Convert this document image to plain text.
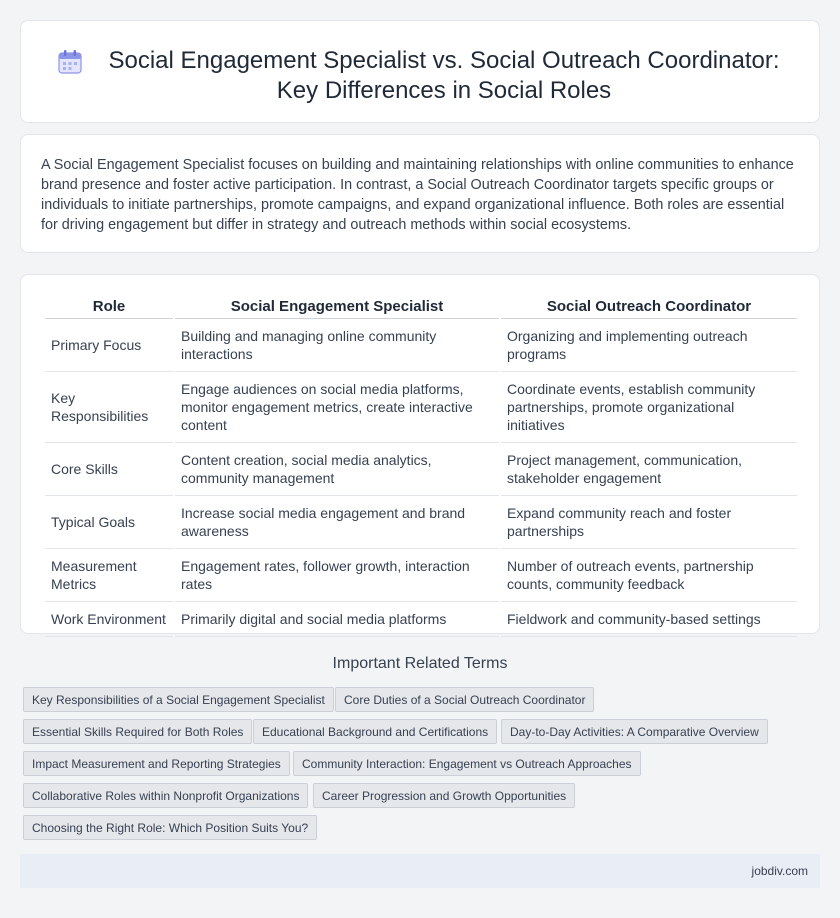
Social Engagement Specialist vs. Social Outreach Coordinator: Key Differences in Social Roles

A Social Engagement Specialist focuses on building and maintaining relationships with online communities to enhance brand presence and foster active participation. In contrast, a Social Outreach Coordinator targets specific groups or individuals to initiate partnerships, promote campaigns, and expand organizational influence. Both roles are essential for driving engagement but differ in strategy and outreach methods within social ecosystems.

Role	Social Engagement Specialist	Social Outreach Coordinator
Primary Focus	Building and managing online community interactions	Organizing and implementing outreach programs
Key Responsibilities	Engage audiences on social media platforms, monitor engagement metrics, create interactive content	Coordinate events, establish community partnerships, promote organizational initiatives
Core Skills	Content creation, social media analytics, community management	Project management, communication, stakeholder engagement
Typical Goals	Increase social media engagement and brand awareness	Expand community reach and foster partnerships
Measurement Metrics	Engagement rates, follower growth, interaction rates	Number of outreach events, partnership counts, community feedback
Work Environment	Primarily digital and social media platforms	Fieldwork and community-based settings
Important Related Terms
Key Responsibilities of a Social Engagement Specialist	Core Duties of a Social Outreach Coordinator
Essential Skills Required for Both Roles	Educational Background and Certifications	Day-to-Day Activities: A Comparative Overview
Impact Measurement and Reporting Strategies	Community Interaction: Engagement vs Outreach Approaches
Collaborative Roles within Nonprofit Organizations	Career Progression and Growth Opportunities
Choosing the Right Role: Which Position Suits You?
jobdiv.com
